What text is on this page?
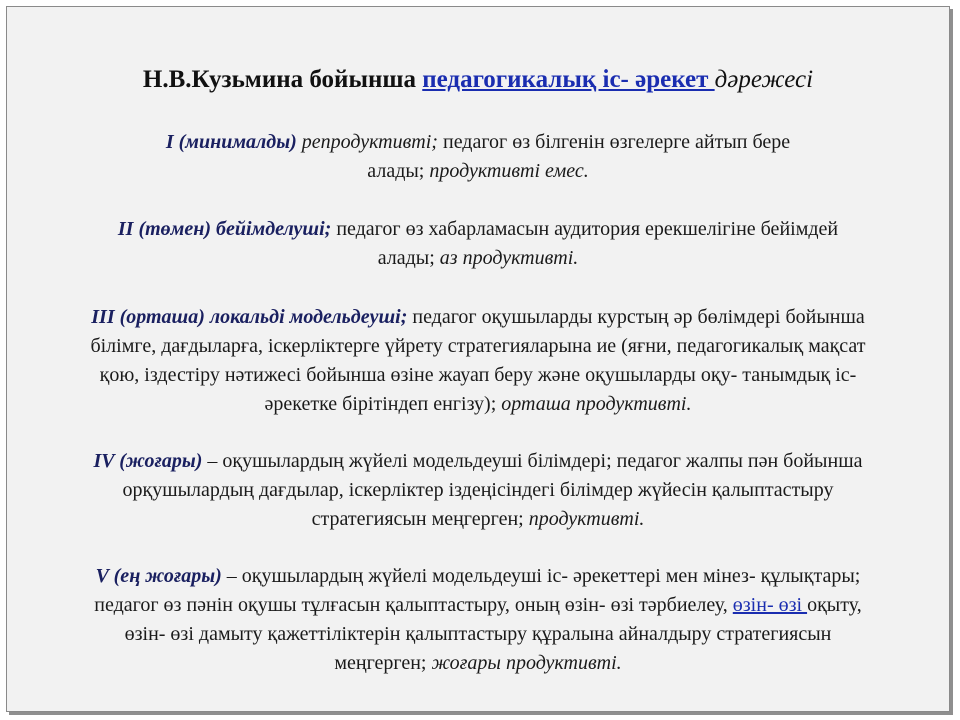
Н.В.Кузьмина бойынша педагогикалық іс- әрекет дәрежесі
I (минималды) репродуктивті; педагог өз білгенін өзгелерге айтып бере
алады; продуктивті емес.
II (төмен) бейімделуші; педагог өз хабарламасын аудитория ерекшелігіне бейімдей
алады; аз продуктивті.
III (орташа) локальді модельдеуші; педагог оқушыларды курстың әр бөлімдері бойынша
білімге, дағдыларға, іскерліктерге үйрету стратегияларына ие (яғни, педагогикалық мақсат
қою, іздестіру нәтижесі бойынша өзіне жауап беру және оқушыларды оқу- танымдық іс-
әрекетке бірітіндеп енгізу); орташа продуктивті.
IV (жоғары) – оқушылардың жүйелі модельдеуші білімдері; педагог жалпы пән бойынша
орқушылардың дағдылар, іскерліктер іздеңісіндегі білімдер жүйесін қалыптастыру
стратегиясын меңгерген; продуктивті.
V (ең жоғары) – оқушылардың жүйелі модельдеуші іс- әрекеттері мен мінез- құлықтары;
педагог өз пәнін оқушы тұлғасын қалыптастыру, оның өзін- өзі тәрбиелеу, өзін- өзі оқыту,
өзін- өзі дамыту қажеттіліктерін қалыптастыру құралына айналдыру стратегиясын
меңгерген; жоғары продуктивті.
